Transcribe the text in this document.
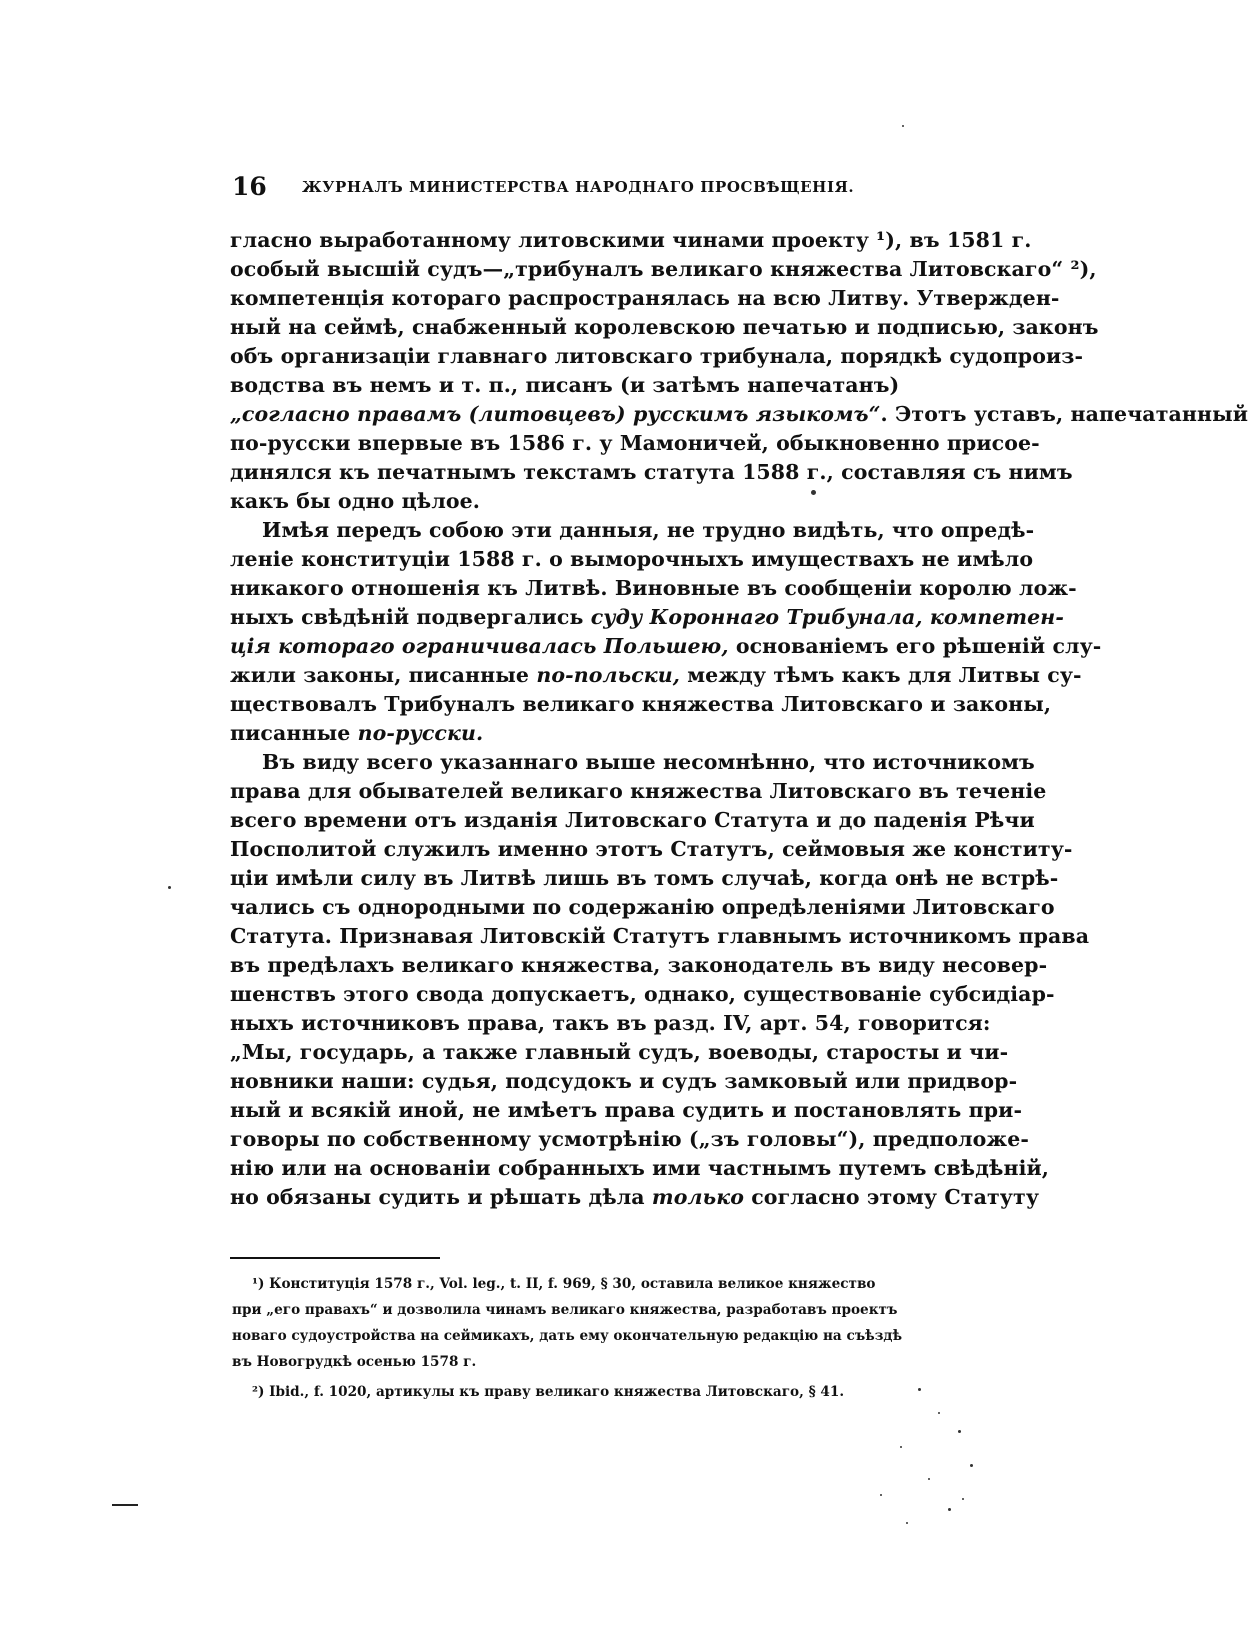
16 ЖУРНАЛЪ МИНИСТЕРСТВА НАРОДНАГО ПРОСВѢЩЕНІЯ.
гласно выработанному литовскими чинами проекту ¹), въ 1581 г.
особый высшій судъ—„трибуналъ великаго княжества Литовскаго“ ²),
компетенція котораго распространялась на всю Литву. Утвержден-
ный на сеймѣ, снабженный королевскою печатью и подписью, законъ
объ организаціи главнаго литовскаго трибунала, порядкѣ судопроиз-
водства въ немъ и т. п., писанъ (и затѣмъ напечатанъ)
„согласно правамъ (литовцевъ) русскимъ языкомъ“. Этотъ уставъ, напечатанный
по-русски впервые въ 1586 г. у Мамоничей, обыкновенно присое-
динялся къ печатнымъ текстамъ статута 1588 г., составляя съ нимъ
какъ бы одно цѣлое.
Имѣя передъ собою эти данныя, не трудно видѣть, что опредѣ-
леніе конституціи 1588 г. о выморочныхъ имуществахъ не имѣло
никакого отношенія къ Литвѣ. Виновные въ сообщеніи королю лож-
ныхъ свѣдѣній подвергались суду Короннаго Трибунала, компетен-
ція котораго ограничивалась Польшею, основаніемъ его рѣшеній слу-
жили законы, писанные по-польски, между тѣмъ какъ для Литвы су-
ществовалъ Трибуналъ великаго княжества Литовскаго и законы,
писанные по-русски.
Въ виду всего указаннаго выше несомнѣнно, что источникомъ
права для обывателей великаго княжества Литовскаго въ теченіе
всего времени отъ изданія Литовскаго Статута и до паденія Рѣчи
Посполитой служилъ именно этотъ Статутъ, сеймовыя же конститу-
ціи имѣли силу въ Литвѣ лишь въ томъ случаѣ, когда онѣ не встрѣ-
чались съ однородными по содержанію опредѣленіями Литовскаго
Статута. Признавая Литовскій Статутъ главнымъ источникомъ права
въ предѣлахъ великаго княжества, законодатель въ виду несовер-
шенствъ этого свода допускаетъ, однако, существованіе субсидіар-
ныхъ источниковъ права, такъ въ разд. IV, арт. 54, говорится:
„Мы, государь, а также главный судъ, воеводы, старосты и чи-
новники наши: судья, подсудокъ и судъ замковый или придвор-
ный и всякій иной, не имѣетъ права судить и постановлять при-
говоры по собственному усмотрѣнію („зъ головы“), предположе-
нію или на основаніи собранныхъ ими частнымъ путемъ свѣдѣній,
но обязаны судить и рѣшать дѣла только согласно этому Статуту
¹) Конституція 1578 г., Vol. leg., t. II, f. 969, § 30, оставила великое княжество
при „его правахъ“ и дозволила чинамъ великаго княжества, разработавъ проектъ
новаго судоустройства на сеймикахъ, дать ему окончательную редакцію на съѣздѣ
въ Новогрудкѣ осенью 1578 г.
²) Ibid., f. 1020, артикулы къ праву великаго княжества Литовскаго, § 41.
